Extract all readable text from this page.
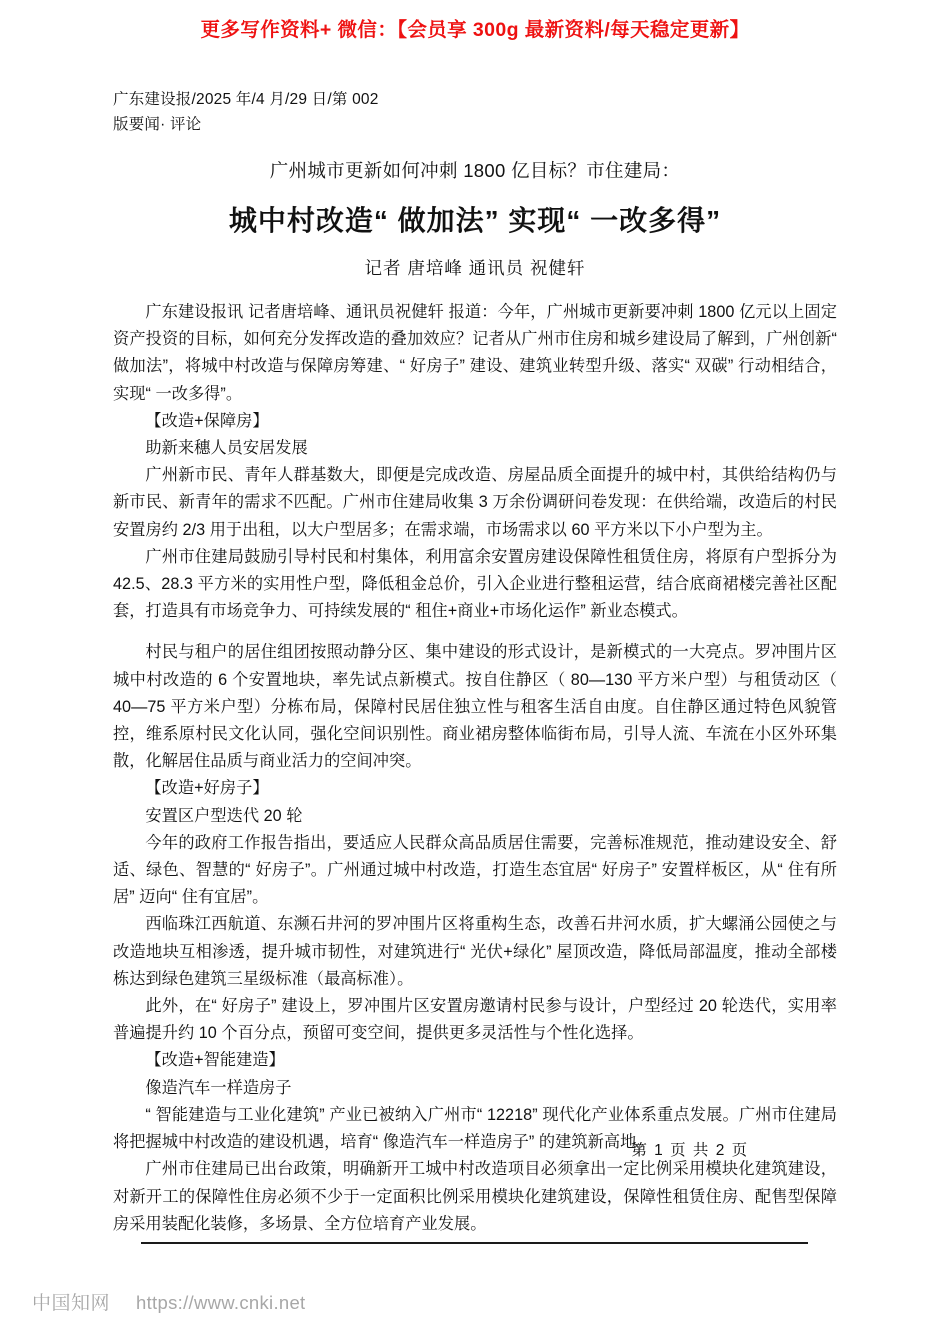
更多写作资料+ 微信：【会员享 300g 最新资料/每天稳定更新】
广东建设报/2025 年/4 月/29 日/第 002
版要闻· 评论
广州城市更新如何冲刺 1800 亿目标？市住建局：
城中村改造“ 做加法” 实现“ 一改多得”
记者 唐培峰 通讯员 祝健轩

广东建设报讯 记者唐培峰、通讯员祝健轩 报道：今年，广州城市更新要冲刺 1800 亿元以上固定资产投资的目标，如何充分发挥改造的叠加效应？记者从广州市住房和城乡建设局了解到，广州创新“ 做加法”，将城中村改造与保障房筹建、“ 好房子” 建设、建筑业转型升级、落实“ 双碳” 行动相结合，实现“ 一改多得”。

【改造+保障房】

助新来穗人员安居发展

广州新市民、青年人群基数大，即便是完成改造、房屋品质全面提升的城中村，其供给结构仍与新市民、新青年的需求不匹配。广州市住建局收集 3 万余份调研问卷发现：在供给端，改造后的村民安置房约 2/3 用于出租，以大户型居多；在需求端，市场需求以 60 平方米以下小户型为主。

广州市住建局鼓励引导村民和村集体，利用富余安置房建设保障性租赁住房，将原有户型拆分为 42.5、28.3 平方米的实用性户型，降低租金总价，引入企业进行整租运营，结合底商裙楼完善社区配套，打造具有市场竞争力、可持续发展的“ 租住+商业+市场化运作” 新业态模式。

村民与租户的居住组团按照动静分区、集中建设的形式设计，是新模式的一大亮点。罗冲围片区城中村改造的 6 个安置地块，率先试点新模式。按自住静区（ 80—130 平方米户型）与租赁动区（ 40—75 平方米户型）分栋布局，保障村民居住独立性与租客生活自由度。自住静区通过特色风貌管控，维系原村民文化认同，强化空间识别性。商业裙房整体临街布局，引导人流、车流在小区外环集散，化解居住品质与商业活力的空间冲突。

【改造+好房子】

安置区户型迭代 20 轮

今年的政府工作报告指出，要适应人民群众高品质居住需要，完善标准规范，推动建设安全、舒适、绿色、智慧的“ 好房子”。广州通过城中村改造，打造生态宜居“ 好房子” 安置样板区，从“ 住有所居” 迈向“ 住有宜居”。

西临珠江西航道、东濒石井河的罗冲围片区将重构生态，改善石井河水质，扩大螺涌公园使之与改造地块互相渗透，提升城市韧性，对建筑进行“ 光伏+绿化” 屋顶改造，降低局部温度，推动全部楼栋达到绿色建筑三星级标准（最高标准）。

此外，在“ 好房子” 建设上，罗冲围片区安置房邀请村民参与设计，户型经过 20 轮迭代，实用率普遍提升约 10 个百分点，预留可变空间，提供更多灵活性与个性化选择。

【改造+智能建造】

像造汽车一样造房子

“ 智能建造与工业化建筑” 产业已被纳入广州市“ 12218” 现代化产业体系重点发展。广州市住建局将把握城中村改造的建设机遇，培育“ 像造汽车一样造房子” 的建筑新高地。

广州市住建局已出台政策，明确新开工城中村改造项目必须拿出一定比例采用模块化建筑建设，对新开工的保障性住房必须不少于一定面积比例采用模块化建筑建设，保障性租赁住房、配售型保障房采用装配化装修，多场景、全方位培育产业发展。

第 1 页 共 2 页
中国知网 https://www.cnki.net
